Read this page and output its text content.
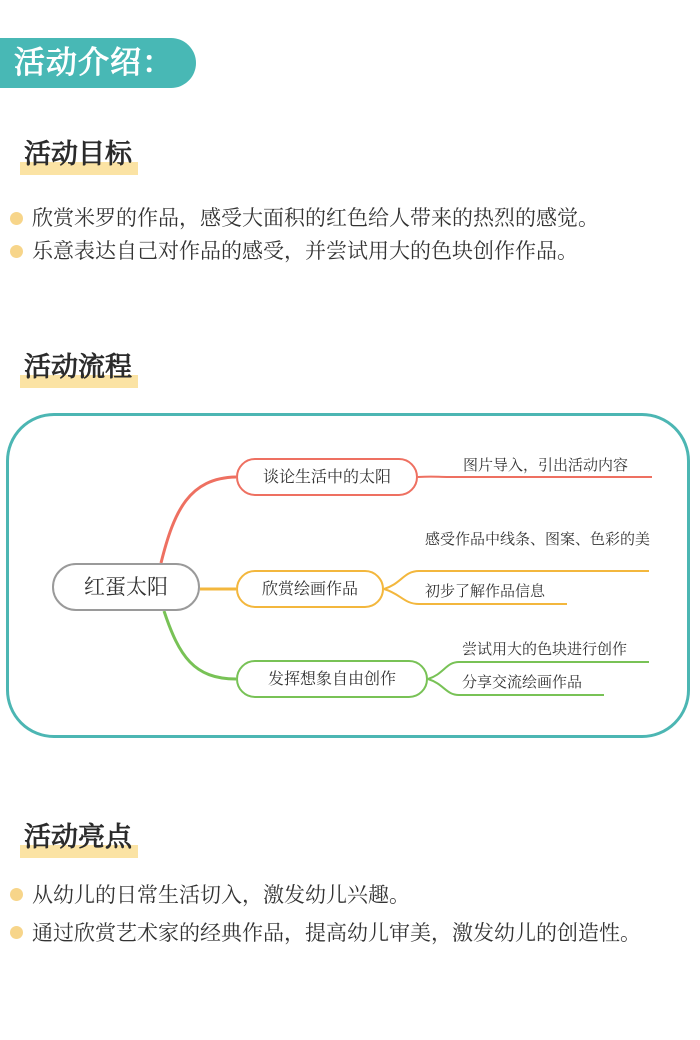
活动介绍：
活动目标
欣赏米罗的作品，感受大面积的红色给人带来的热烈的感觉。
乐意表达自己对作品的感受，并尝试用大的色块创作作品。
活动流程
红蛋太阳
谈论生活中的太阳
欣赏绘画作品
发挥想象自由创作
图片导入，引出活动内容
感受作品中线条、图案、色彩的美
初步了解作品信息
尝试用大的色块进行创作
分享交流绘画作品
活动亮点
从幼儿的日常生活切入，激发幼儿兴趣。
通过欣赏艺术家的经典作品，提高幼儿审美，激发幼儿的创造性。
